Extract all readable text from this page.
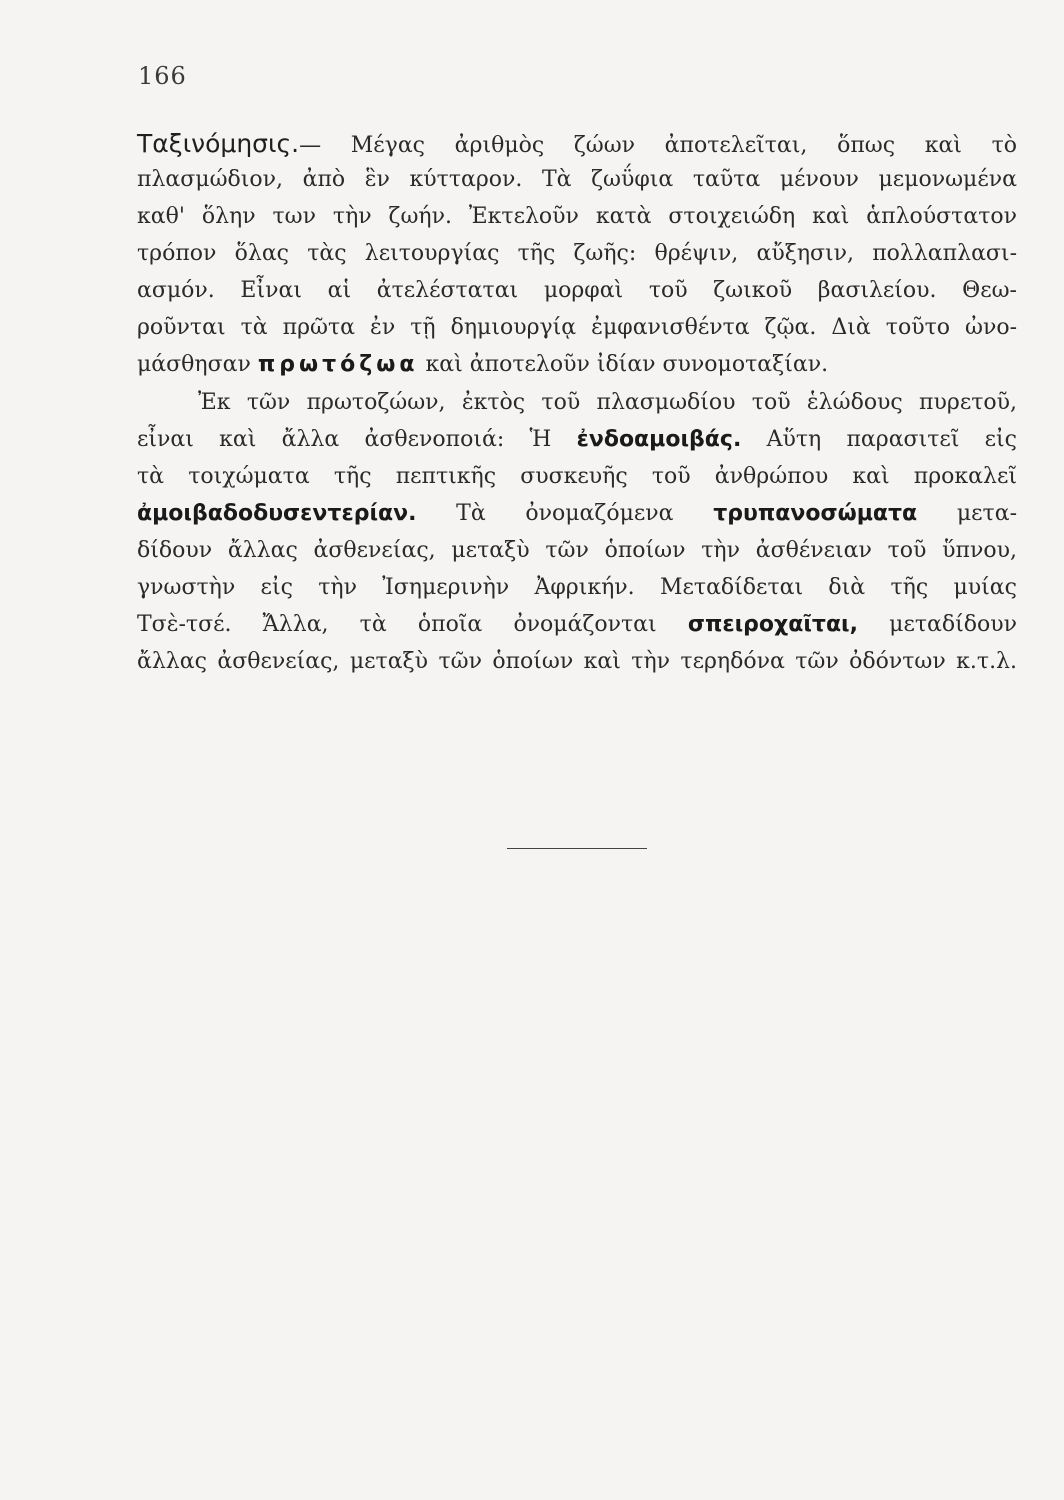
166
Ταξινόμησις.— Μέγας ἀριθμὸς ζώων ἀποτελεῖται, ὅπως καὶ τὸ
πλασμώδιον, ἀπὸ ἓν κύτταρον. Τὰ ζωΰφια ταῦτα μένουν μεμονωμένα
καθ' ὅλην των τὴν ζωήν. Ἐκτελοῦν κατὰ στοιχειώδη καὶ ἁπλούστατον
τρόπον ὅλας τὰς λειτουργίας τῆς ζωῆς: θρέψιν, αὔξησιν, πολλαπλασι-
ασμόν. Εἶναι αἱ ἀτελέσταται μορφαὶ τοῦ ζωικοῦ βασιλείου. Θεω-
ροῦνται τὰ πρῶτα ἐν τῇ δημιουργίᾳ ἐμφανισθέντα ζῷα. Διὰ τοῦτο ὠνο-
μάσθησαν πρωτόζωα καὶ ἀποτελοῦν ἰδίαν συνομοταξίαν.
Ἐκ τῶν πρωτοζώων, ἐκτὸς τοῦ πλασμωδίου τοῦ ἑλώδους πυρετοῦ,
εἶναι καὶ ἄλλα ἀσθενοποιά: Ἡ ἐνδοαμοιβάς. Αὕτη παρασιτεῖ εἰς
τὰ τοιχώματα τῆς πεπτικῆς συσκευῆς τοῦ ἀνθρώπου καὶ προκαλεῖ
ἀμοιβαδοδυσεντερίαν. Τὰ ὀνομαζόμενα τρυπανοσώματα μετα-
δίδουν ἄλλας ἀσθενείας, μεταξὺ τῶν ὁποίων τὴν ἀσθένειαν τοῦ ὕπνου,
γνωστὴν εἰς τὴν Ἰσημερινὴν Ἀφρικήν. Μεταδίδεται διὰ τῆς μυίας
Τσὲ-τσέ. Ἄλλα, τὰ ὁποῖα ὀνομάζονται σπειροχαῖται, μεταδίδουν
ἄλλας ἀσθενείας, μεταξὺ τῶν ὁποίων καὶ τὴν τερηδόνα τῶν ὀδόντων κ.τ.λ.
